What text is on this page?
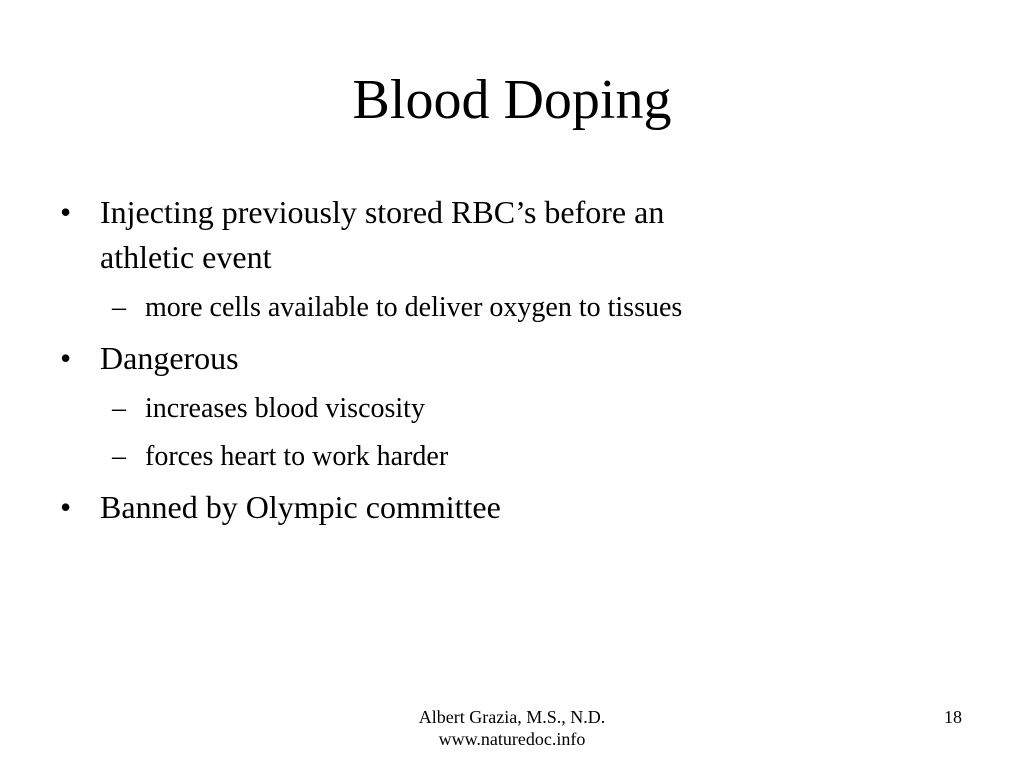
Blood Doping
• Injecting previously stored RBC’s before an
athletic event
– more cells available to deliver oxygen to tissues
• Dangerous
– increases blood viscosity
– forces heart to work harder
• Banned by Olympic committee
Albert Grazia, M.S., N.D.
www.naturedoc.info
18
